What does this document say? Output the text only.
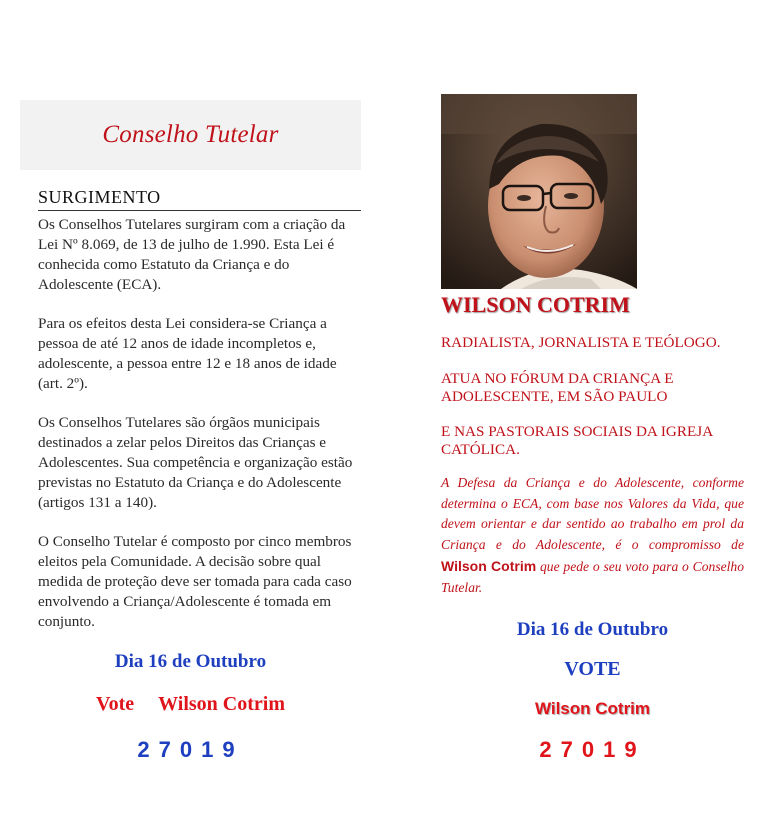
Conselho Tutelar
SURGIMENTO

Os Conselhos Tutelares surgiram com a criação da Lei Nº 8.069, de 13 de julho de 1.990. Esta Lei é conhecida como Estatuto da Criança e do Adolescente (ECA).

Para os efeitos desta Lei considera-se Criança a pessoa de até 12 anos de idade incompletos e, adolescente, a pessoa entre 12 e 18 anos de idade (art. 2º).

Os Conselhos Tutelares são órgãos municipais destinados a zelar pelos Direitos das Crianças e Adolescentes. Sua competência e organização estão previstas no Estatuto da Criança e do Adolescente (artigos 131 a 140).

O Conselho Tutelar é composto por cinco membros eleitos pela Comunidade. A decisão sobre qual medida de proteção deve ser tomada para cada caso envolvendo a Criança/Adolescente é tomada em conjunto.

Dia 16 de Outubro
Vote Wilson Cotrim
27019
WILSON COTRIM

RADIALISTA, JORNALISTA E TEÓLOGO.

ATUA NO FÓRUM DA CRIANÇA E ADOLESCENTE, EM SÃO PAULO

E NAS PASTORAIS SOCIAIS DA IGREJA CATÓLICA.

A Defesa da Criança e do Adolescente, conforme determina o ECA, com base nos Valores da Vida, que devem orientar e dar sentido ao trabalho em prol da Criança e do Adolescente, é o compromisso de Wilson Cotrim que pede o seu voto para o Conselho Tutelar.
Dia 16 de Outubro
VOTE
Wilson Cotrim
27019
